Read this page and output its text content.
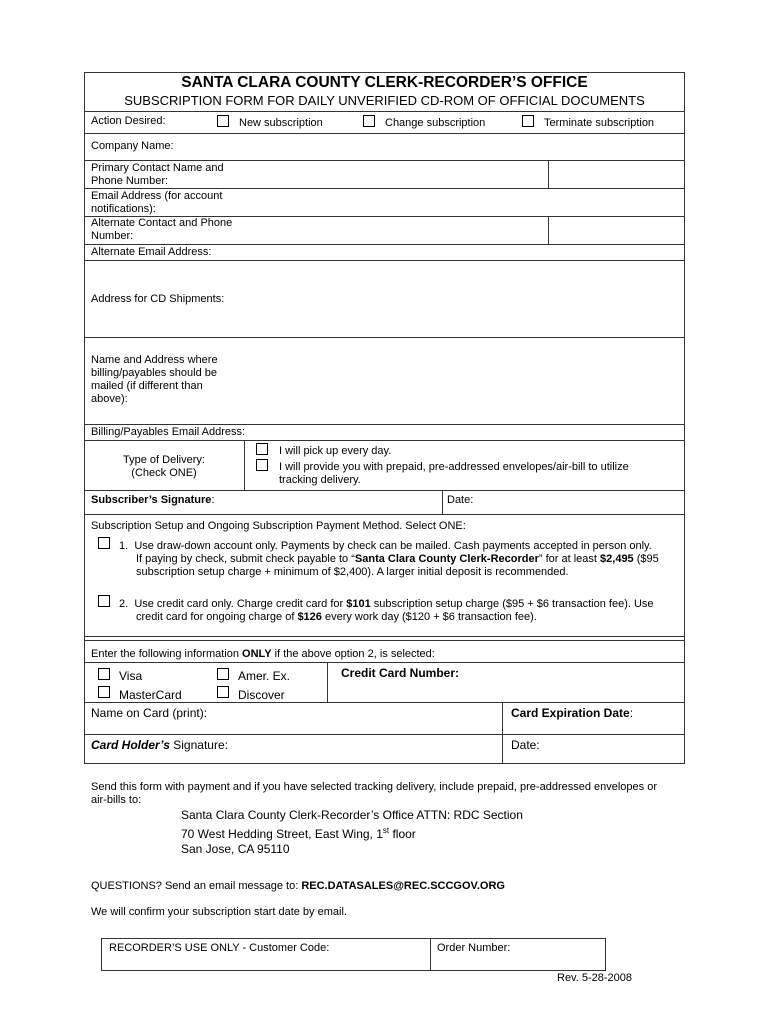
SANTA CLARA COUNTY CLERK-RECORDER’S OFFICE
SUBSCRIPTION FORM FOR DAILY UNVERIFIED CD-ROM OF OFFICIAL DOCUMENTS
Action Desired:	New subscription	Change subscription	Terminate subscription
Company Name:
Primary Contact Name and
Phone Number:
Email Address (for account
notifications):
Alternate Contact and Phone
Number:
Alternate Email Address:
Address for CD Shipments:
Name and Address where
billing/payables should be
mailed (if different than
above):
Billing/Payables Email Address:
Type of Delivery:
(Check ONE)
I will pick up every day.
I will provide you with prepaid, pre-addressed envelopes/air-bill to utilize
tracking delivery.
Subscriber’s Signature:	Date:
Subscription Setup and Ongoing Subscription Payment Method. Select ONE:
1. Use draw-down account only. Payments by check can be mailed. Cash payments accepted in person only.
If paying by check, submit check payable to “Santa Clara County Clerk-Recorder” for at least $2,495 ($95
subscription setup charge + minimum of $2,400). A larger initial deposit is recommended.
2. Use credit card only. Charge credit card for $101 subscription setup charge ($95 + $6 transaction fee). Use
credit card for ongoing charge of $126 every work day ($120 + $6 transaction fee).
Enter the following information ONLY if the above option 2, is selected:
Visa	Amer. Ex.
MasterCard	Discover
Credit Card Number:
Name on Card (print):	Card Expiration Date:
Card Holder’s Signature:	Date:
Send this form with payment and if you have selected tracking delivery, include prepaid, pre-addressed envelopes or
air-bills to:
Santa Clara County Clerk-Recorder’s Office ATTN: RDC Section
70 West Hedding Street, East Wing, 1st floor
San Jose, CA 95110
QUESTIONS? Send an email message to: REC.DATASALES@REC.SCCGOV.ORG
We will confirm your subscription start date by email.
RECORDER’S USE ONLY - Customer Code:	Order Number:
Rev. 5-28-2008
